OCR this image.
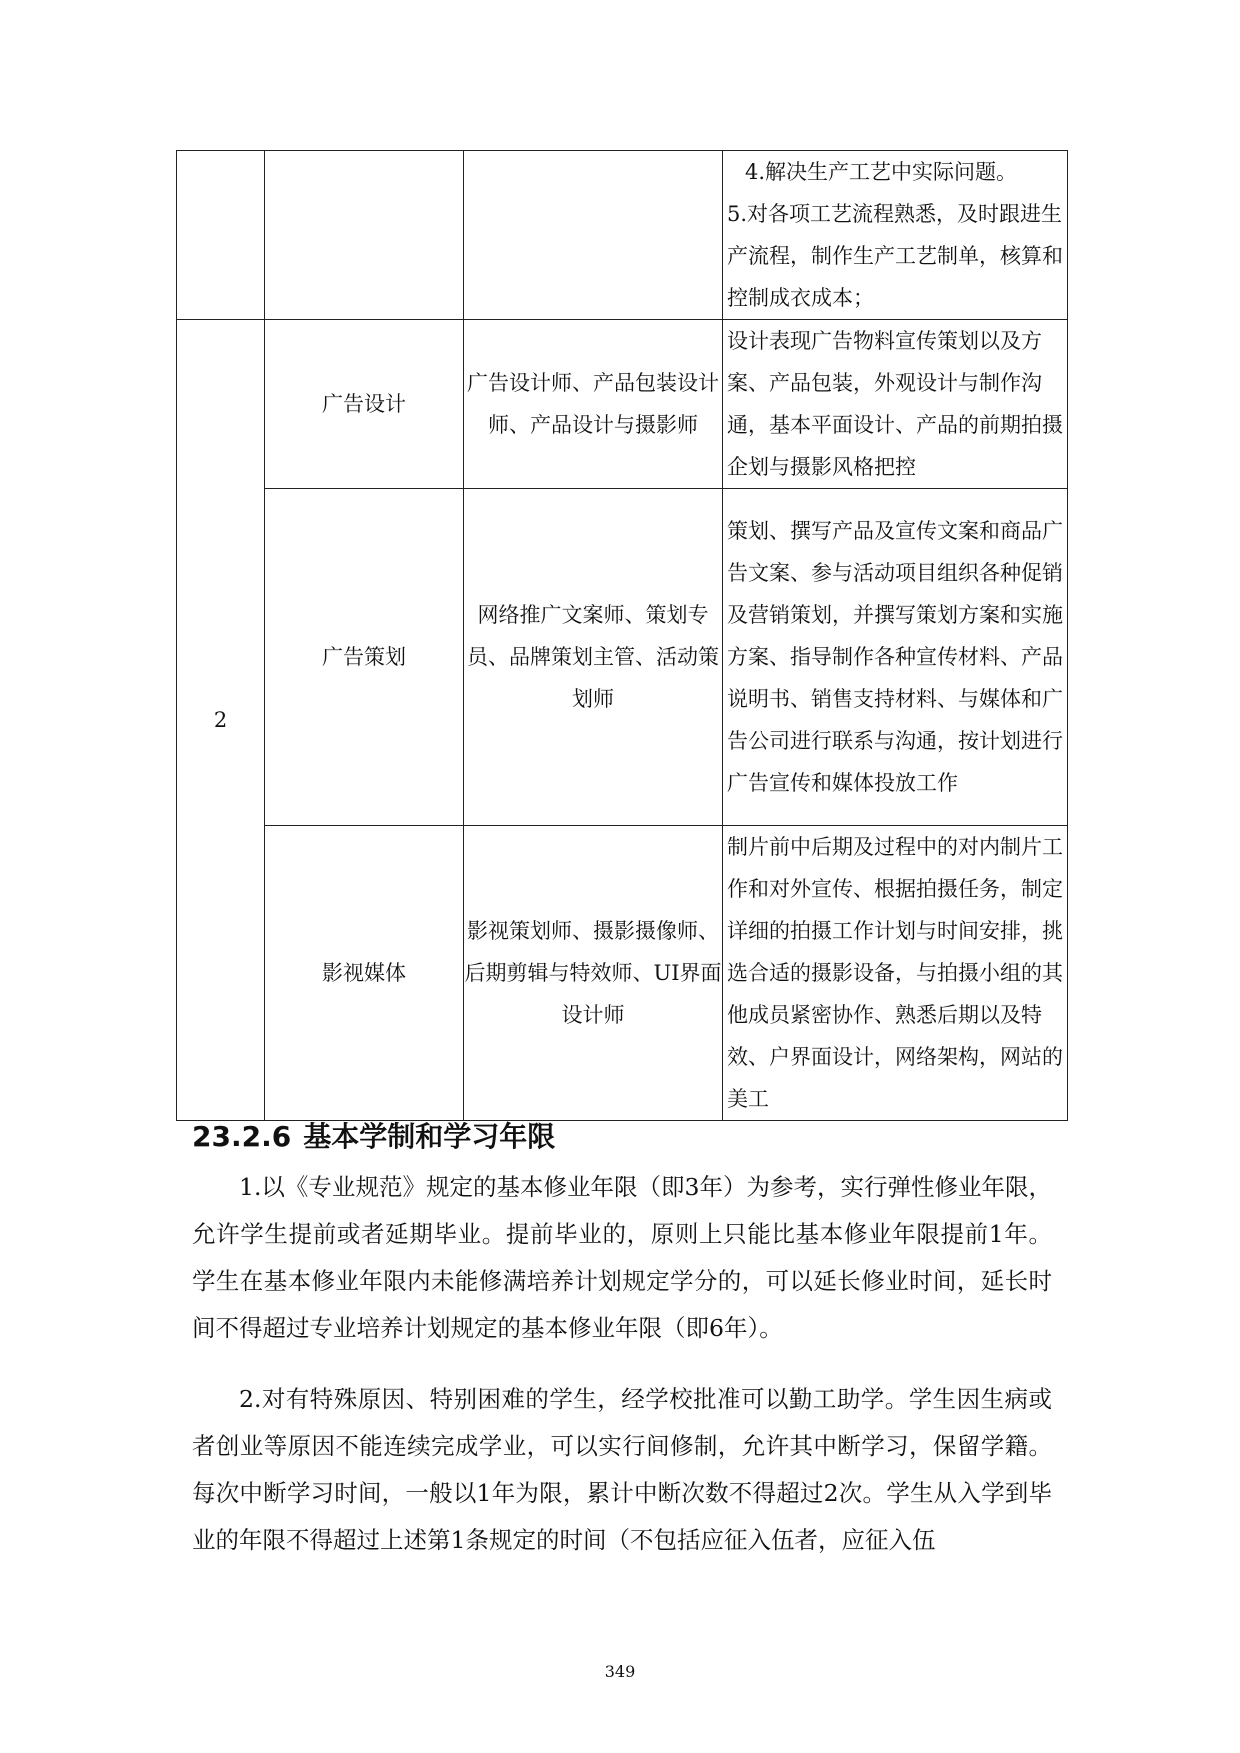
			4.解决生产工艺中实际问题。
5.对各项工艺流程熟悉，及时跟进生产流程，制作生产工艺制单，核算和控制成衣成本；

2	广告设计	广告设计师、产品包装设计师、产品设计与摄影师	设计表现广告物料宣传策划以及方案、产品包装，外观设计与制作沟通，基本平面设计、产品的前期拍摄企划与摄影风格把控

	广告策划	网络推广文案师、策划专员、品牌策划主管、活动策划师	策划、撰写产品及宣传文案和商品广告文案、参与活动项目组织各种促销及营销策划，并撰写策划方案和实施方案、指导制作各种宣传材料、产品说明书、销售支持材料、与媒体和广告公司进行联系与沟通，按计划进行广告宣传和媒体投放工作

	影视媒体	影视策划师、摄影摄像师、后期剪辑与特效师、UI界面设计师	制片前中后期及过程中的对内制片工作和对外宣传、根据拍摄任务，制定详细的拍摄工作计划与时间安排，挑选合适的摄影设备，与拍摄小组的其他成员紧密协作、熟悉后期以及特效、户界面设计，网络架构，网站的美工
23.2.6 基本学制和学习年限

1.以《专业规范》规定的基本修业年限（即3年）为参考，实行弹性修业年限，允许学生提前或者延期毕业。提前毕业的，原则上只能比基本修业年限提前1年。学生在基本修业年限内未能修满培养计划规定学分的，可以延长修业时间，延长时间不得超过专业培养计划规定的基本修业年限（即6年）。

2.对有特殊原因、特别困难的学生，经学校批准可以勤工助学。学生因生病或者创业等原因不能连续完成学业，可以实行间修制，允许其中断学习，保留学籍。每次中断学习时间，一般以1年为限，累计中断次数不得超过2次。学生从入学到毕业的年限不得超过上述第1条规定的时间（不包括应征入伍者，应征入伍

349
